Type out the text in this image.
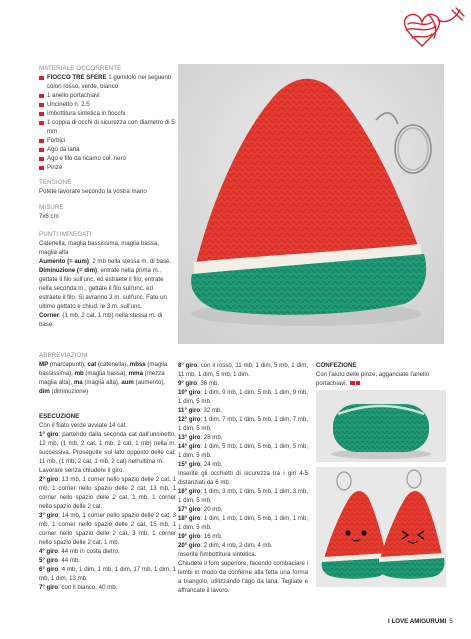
MATERIALE OCCORRENTE
FIOCCO TRE SFERE 1 gomitolo nei seguenti colori rosso, verde, bianco
1 anello portachiavi
Uncinetto n. 2.5
Imbottitura sintetica in fiocchi
1 coppia di occhi di sicurezza con diametro di 5 mm
Forbici
Ago da lana
Ago e filo da ricamo col. nero
Pinze
TENSIONE

Potete lavorare secondo la vostra mano

MISURE

7x6 cm

PUNTI IMPIEGATI

Catenella, maglia bassissima, maglia bassa, maglia alta

Aumento (= aum): 2 mb nella stessa m. di base.

Diminuzione (= dim): entrate nella prima m., gettate il filo sull'unc. ed estraete il filo; entrate nella seconda m., gettate il filo sull'unc. ed estraete il filo. Si avranno 3 m. sull'unc. Fate un ultimo gettato e chiud. le 3 m. sull'unc.

Corner: (1 mb, 2 cat, 1 mb) nella stessa m. di base.

ABBREVIAZIONI

MP (marcapunti), cat (catenella), mbss (maglia bassissima), mb (maglia bassa), mma (mezza maglia alta), ma (maglia alta), aum (aumento), dim (diminuzione)

ESECUZIONE

Con il filato verde avviate 14 cat.

1° giro: partendo dalla seconda cat dall'uncinetto, 12 mb, (1 mb, 2 cat, 1 mb, 2 cat, 1 mb) nella m. successiva. Proseguite sul lato opposto delle cat: 11 mb, (1 mb, 2 cat, 1 mb, 2 cat) nell'ultima m.

Lavorare senza chiudere il giro.

2° giro: 13 mb, 1 corner nello spazio delle 2 cat, 1 mb, 1 corner nello spazio delle 2 cat, 13 mb, 1 corner nello spazio delle 2 cat, 1 mb, 1 corner nello spazio delle 2 cat.

3° giro: 14 mb, 1 corner nello spazio delle 2 cat, 3 mb, 1 corner nello spazio delle 2 cat, 15 mb, 1 corner nello spazio delle 2 cat, 3 mb, 1 corner nello spazio delle 2 cat, 1 mb.

4° giro: 44 mb in costa dietro.

5° giro: 44 mb.

6° giro: 4 mb, 1 dim, 1 mb, 1 dim, 17 mb, 1 dim, 1 mb, 1 dim, 13 mb.

7° giro: con il bianco, 40 mb.

8° giro: con il rosso, 11 mb, 1 dim, 5 mb, 1 dim, 11 mb, 1 dim, 5 mb, 1 dim.

9° giro: 36 mb.

10° giro: 1 dim, 9 mb, 1 dim, 5 mb, 1 dim, 9 mb, 1 dim, 5 mb.

11° giro: 32 mb.

12° giro: 1 dim, 7 mb, 1 dim, 5 mb, 1 dim, 7 mb, 1 dim, 5 mb.

13° giro: 28 mb.

14° giro: 1 dim, 5 mb, 1 dim, 5 mb, 1 dim, 5 mb, 1 dim, 5 mb.

15° giro: 24 mb.

Inserite gli occhietti di sicurezza tra i giri 4-5 distanziati da 6 mb.

16° giro: 1 dim, 3 mb, 1 dim, 5 mb, 1 dim, 3 mb, 1 dim, 5 mb.

17° giro: 20 mb.

18° giro: 1 dim, 1 mb, 1 dim, 5 mb, 1 dim, 1 mb, 1 dim, 5 mb.

19° giro: 16 mb.

20° giro: 2 dim, 4 mb, 2 dim, 4 mb.

Inserite l'imbottitura sintetica.

Chiudete il foro superiore, facendo combaciare i lembi in modo da conferire alla fetta una forma a triangolo, utilizzando l'ago da lana. Tagliate e affrancate il lavoro.

CONFEZIONE

Con l'aiuto delle pinze, agganciate l'anello portachiavi.

I LOVE AMIGURUMI 5
